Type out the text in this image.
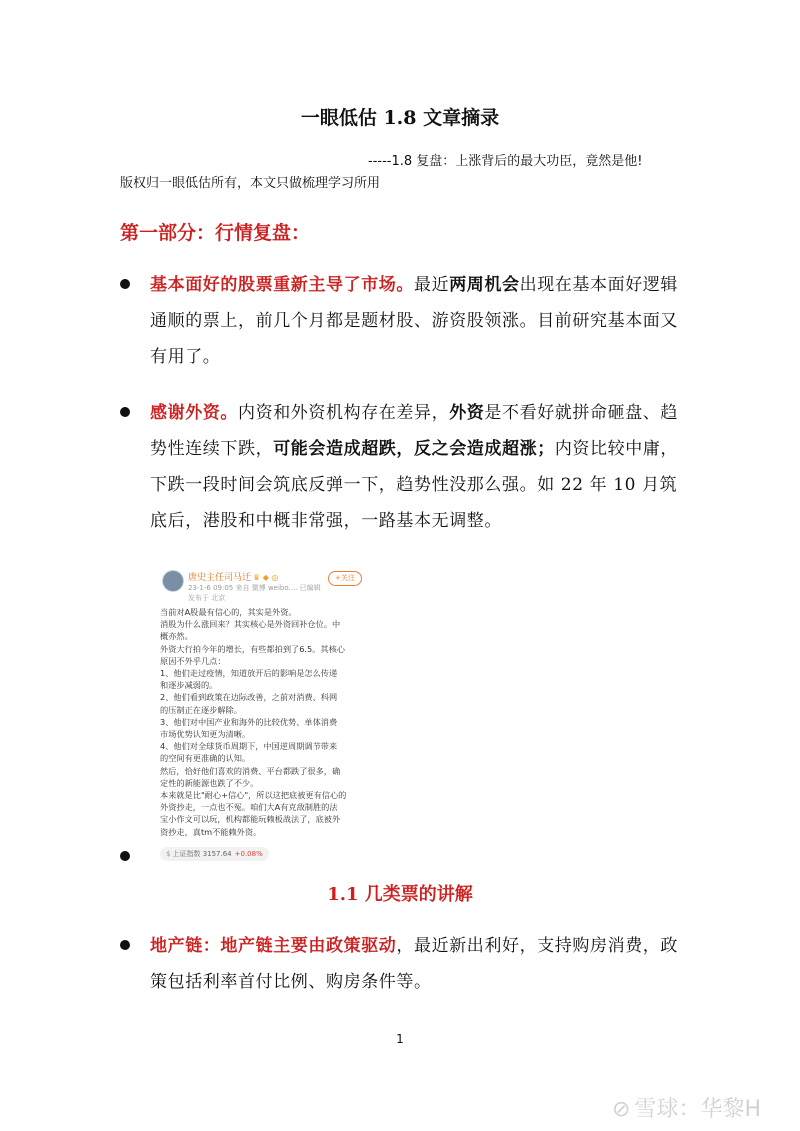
一眼低估 1.8 文章摘录
-----1.8 复盘：上涨背后的最大功臣，竟然是他!
版权归一眼低估所有，本文只做梳理学习所用
第一部分：行情复盘：
基本面好的股票重新主导了市场。最近两周机会出现在基本面好逻辑通顺的票上，前几个月都是题材股、游资股领涨。目前研究基本面又有用了。
感谢外资。内资和外资机构存在差异，外资是不看好就拼命砸盘、趋势性连续下跌，可能会造成超跌，反之会造成超涨；内资比较中庸，下跌一段时间会筑底反弹一下，趋势性没那么强。如 22 年 10 月筑底后，港股和中概非常强，一路基本无调整。
唐史主任司马迁 ♛ ◆ ◎
23-1-6 09:05 来自 微博 weibo.... 已编辑
发布于 北京
+关注
当前对A股最有信心的，其实是外资。
消股为什么涨回来？其实核心是外资回补仓位。中
概亦然。
外资大行拍今年的增长，有些都拍到了6.5。其核心
原因不外乎几点：
1、他们走过疫情，知道放开后的影响是怎么传递
和逐步减弱的。
2、他们看到政策在边际改善，之前对消费、科网
的压制正在逐步解除。
3、他们对中国产业和海外的比较优势、单体消费
市场优势认知更为清晰。
4、他们对全球货币周期下，中国逆周期调节带来
的空间有更准确的认知。
然后，恰好他们喜欢的消费、平台都跌了很多，确
定性的新能源也跌了不少。
本来就是比"耐心+信心"，所以这把底被更有信心的
外资抄走，一点也不冤。咱们大A有克敌制胜的法
宝小作文可以玩，机构都能玩赖板战法了，底被外
资抄走，真tm不能赖外资。
$ 上证指数 3157.64 +0.08%
1.1 几类票的讲解
地产链：地产链主要由政策驱动，最近新出利好，支持购房消费，政策包括利率首付比例、购房条件等。
1
⊘ 雪球：华黎H
